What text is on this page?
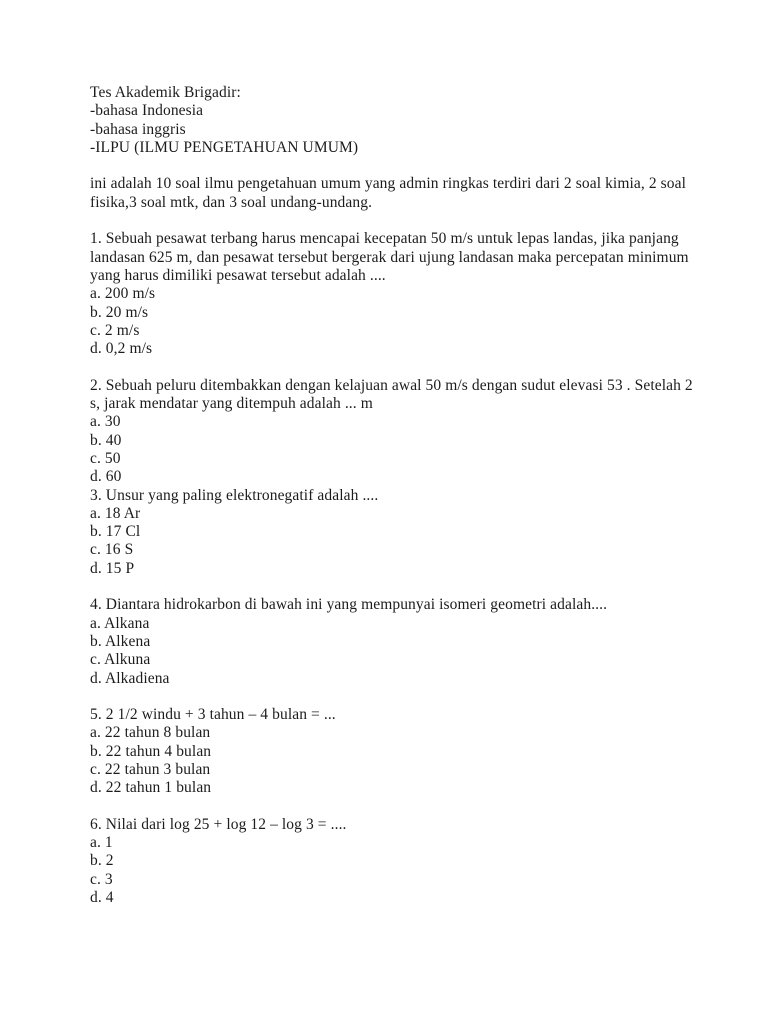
Tes Akademik Brigadir:
-bahasa Indonesia
-bahasa inggris
-ILPU (ILMU PENGETAHUAN UMUM)
ini adalah 10 soal ilmu pengetahuan umum yang admin ringkas terdiri dari 2 soal kimia, 2 soal
fisika,3 soal mtk, dan 3 soal undang-undang.
1. Sebuah pesawat terbang harus mencapai kecepatan 50 m/s untuk lepas landas, jika panjang
landasan 625 m, dan pesawat tersebut bergerak dari ujung landasan maka percepatan minimum
yang harus dimiliki pesawat tersebut adalah ....
a. 200 m/s
b. 20 m/s
c. 2 m/s
d. 0,2 m/s
2. Sebuah peluru ditembakkan dengan kelajuan awal 50 m/s dengan sudut elevasi 53 . Setelah 2
s, jarak mendatar yang ditempuh adalah ... m
a. 30
b. 40
c. 50
d. 60
3. Unsur yang paling elektronegatif adalah ....
a. 18 Ar
b. 17 Cl
c. 16 S
d. 15 P
4. Diantara hidrokarbon di bawah ini yang mempunyai isomeri geometri adalah....
a. Alkana
b. Alkena
c. Alkuna
d. Alkadiena
5. 2 1/2 windu + 3 tahun – 4 bulan = ...
a. 22 tahun 8 bulan
b. 22 tahun 4 bulan
c. 22 tahun 3 bulan
d. 22 tahun 1 bulan
6. Nilai dari log 25 + log 12 – log 3 = ....
a. 1
b. 2
c. 3
d. 4
